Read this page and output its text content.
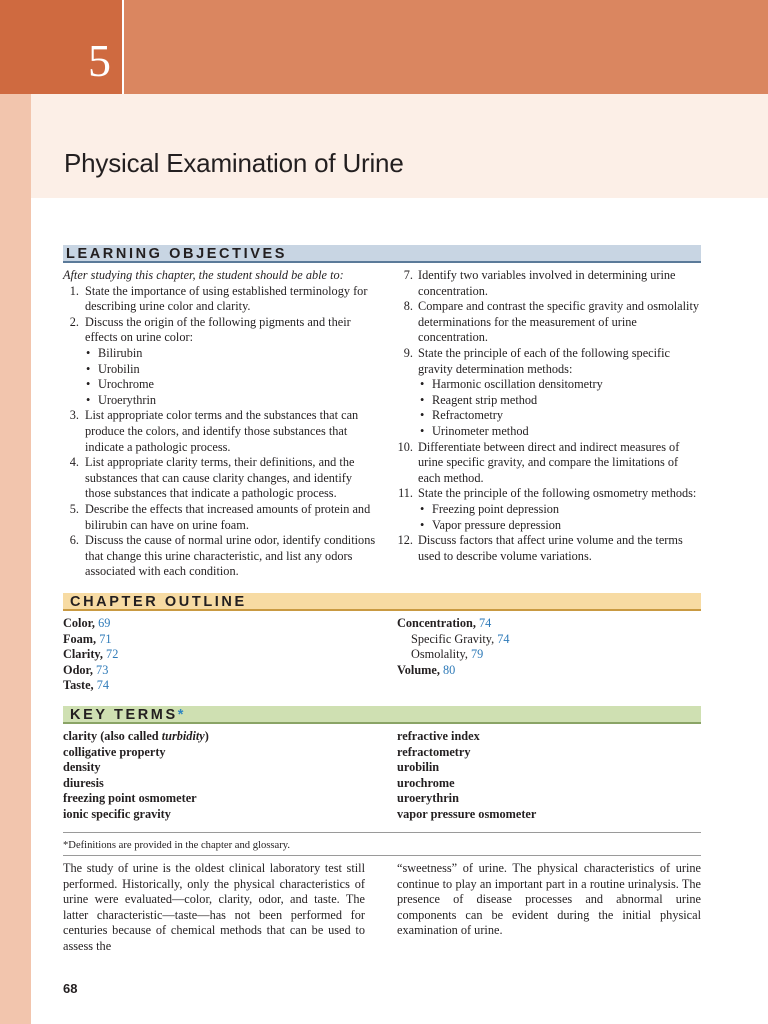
5
Physical Examination of Urine
LEARNING OBJECTIVES
After studying this chapter, the student should be able to:
1. State the importance of using established terminology for describing urine color and clarity.
2. Discuss the origin of the following pigments and their effects on urine color:
• Bilirubin
• Urobilin
• Urochrome
• Uroerythrin
3. List appropriate color terms and the substances that can produce the colors, and identify those substances that indicate a pathologic process.
4. List appropriate clarity terms, their definitions, and the substances that can cause clarity changes, and identify those substances that indicate a pathologic process.
5. Describe the effects that increased amounts of protein and bilirubin can have on urine foam.
6. Discuss the cause of normal urine odor, identify conditions that change this urine characteristic, and list any odors associated with each condition.
7. Identify two variables involved in determining urine concentration.
8. Compare and contrast the specific gravity and osmolality determinations for the measurement of urine concentration.
9. State the principle of each of the following specific gravity determination methods:
• Harmonic oscillation densitometry
• Reagent strip method
• Refractometry
• Urinometer method
10. Differentiate between direct and indirect measures of urine specific gravity, and compare the limitations of each method.
11. State the principle of the following osmometry methods:
• Freezing point depression
• Vapor pressure depression
12. Discuss factors that affect urine volume and the terms used to describe volume variations.
CHAPTER OUTLINE
Color, 69
Foam, 71
Clarity, 72
Odor, 73
Taste, 74
Concentration, 74
Specific Gravity, 74
Osmolality, 79
Volume, 80
KEY TERMS*
clarity (also called turbidity)
colligative property
density
diuresis
freezing point osmometer
ionic specific gravity
refractive index
refractometry
urobilin
urochrome
uroerythrin
vapor pressure osmometer
*Definitions are provided in the chapter and glossary.
The study of urine is the oldest clinical laboratory test still performed. Historically, only the physical characteristics of urine were evaluated—color, clarity, odor, and taste. The latter characteristic—taste—has not been performed for centuries because of chemical methods that can be used to assess the
“sweetness” of urine. The physical characteristics of urine continue to play an important part in a routine urinalysis. The presence of disease processes and abnormal urine components can be evident during the initial physical examination of urine.
68
